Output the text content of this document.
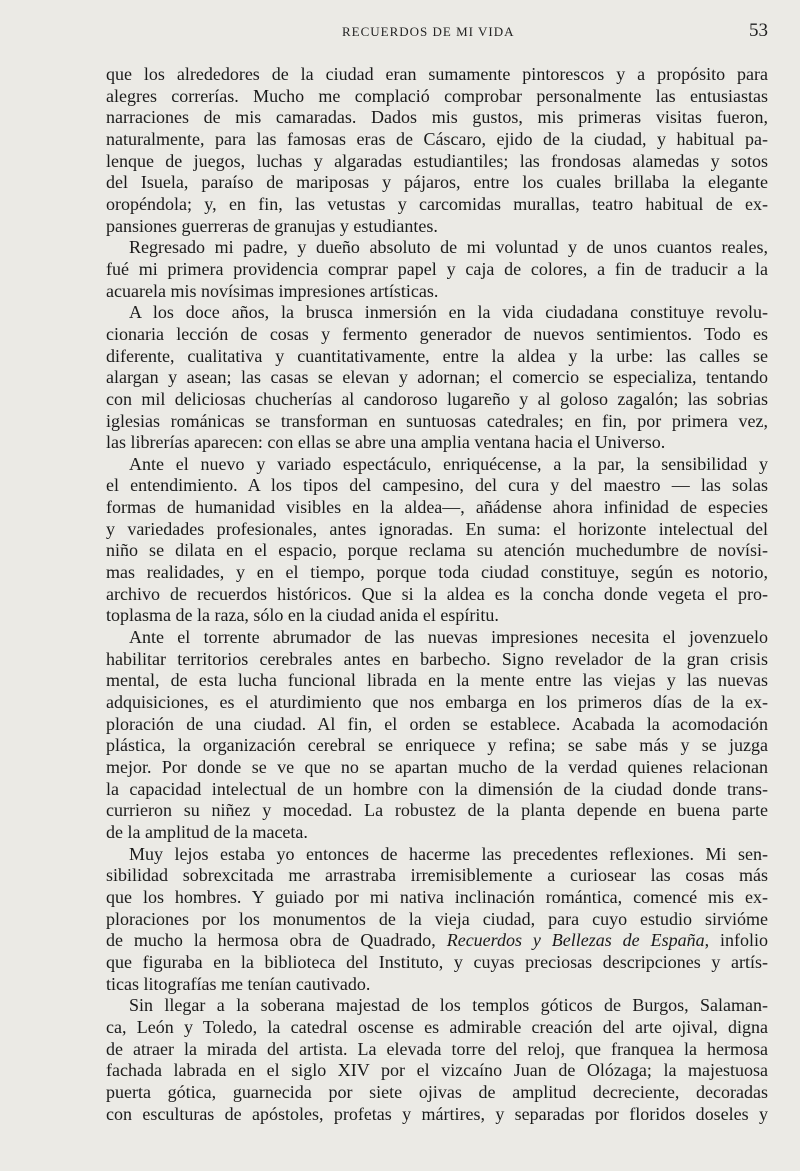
RECUERDOS DE MI VIDA	53
que los alrededores de la ciudad eran sumamente pintorescos y a propósito para
alegres correrías. Mucho me complació comprobar personalmente las entusiastas
narraciones de mis camaradas. Dados mis gustos, mis primeras visitas fueron,
naturalmente, para las famosas eras de Cáscaro, ejido de la ciudad, y habitual pa-
lenque de juegos, luchas y algaradas estudiantiles; las frondosas alamedas y sotos
del Isuela, paraíso de mariposas y pájaros, entre los cuales brillaba la elegante
oropéndola; y, en fin, las vetustas y carcomidas murallas, teatro habitual de ex-
pansiones guerreras de granujas y estudiantes.
Regresado mi padre, y dueño absoluto de mi voluntad y de unos cuantos reales,
fué mi primera providencia comprar papel y caja de colores, a fin de traducir a la
acuarela mis novísimas impresiones artísticas.
A los doce años, la brusca inmersión en la vida ciudadana constituye revolu-
cionaria lección de cosas y fermento generador de nuevos sentimientos. Todo es
diferente, cualitativa y cuantitativamente, entre la aldea y la urbe: las calles se
alargan y asean; las casas se elevan y adornan; el comercio se especializa, tentando
con mil deliciosas chucherías al candoroso lugareño y al goloso zagalón; las sobrias
iglesias románicas se transforman en suntuosas catedrales; en fin, por primera vez,
las librerías aparecen: con ellas se abre una amplia ventana hacia el Universo.
Ante el nuevo y variado espectáculo, enriquécense, a la par, la sensibilidad y
el entendimiento. A los tipos del campesino, del cura y del maestro — las solas
formas de humanidad visibles en la aldea—, añádense ahora infinidad de especies
y variedades profesionales, antes ignoradas. En suma: el horizonte intelectual del
niño se dilata en el espacio, porque reclama su atención muchedumbre de novísi-
mas realidades, y en el tiempo, porque toda ciudad constituye, según es notorio,
archivo de recuerdos históricos. Que si la aldea es la concha donde vegeta el pro-
toplasma de la raza, sólo en la ciudad anida el espíritu.
Ante el torrente abrumador de las nuevas impresiones necesita el jovenzuelo
habilitar territorios cerebrales antes en barbecho. Signo revelador de la gran crisis
mental, de esta lucha funcional librada en la mente entre las viejas y las nuevas
adquisiciones, es el aturdimiento que nos embarga en los primeros días de la ex-
ploración de una ciudad. Al fin, el orden se establece. Acabada la acomodación
plástica, la organización cerebral se enriquece y refina; se sabe más y se juzga
mejor. Por donde se ve que no se apartan mucho de la verdad quienes relacionan
la capacidad intelectual de un hombre con la dimensión de la ciudad donde trans-
currieron su niñez y mocedad. La robustez de la planta depende en buena parte
de la amplitud de la maceta.
Muy lejos estaba yo entonces de hacerme las precedentes reflexiones. Mi sen-
sibilidad sobrexcitada me arrastraba irremisiblemente a curiosear las cosas más
que los hombres. Y guiado por mi nativa inclinación romántica, comencé mis ex-
ploraciones por los monumentos de la vieja ciudad, para cuyo estudio sirvióme
de mucho la hermosa obra de Quadrado, Recuerdos y Bellezas de España, infolio
que figuraba en la biblioteca del Instituto, y cuyas preciosas descripciones y artís-
ticas litografías me tenían cautivado.
Sin llegar a la soberana majestad de los templos góticos de Burgos, Salaman-
ca, León y Toledo, la catedral oscense es admirable creación del arte ojival, digna
de atraer la mirada del artista. La elevada torre del reloj, que franquea la hermosa
fachada labrada en el siglo XIV por el vizcaíno Juan de Olózaga; la majestuosa
puerta gótica, guarnecida por siete ojivas de amplitud decreciente, decoradas
con esculturas de apóstoles, profetas y mártires, y separadas por floridos doseles y
